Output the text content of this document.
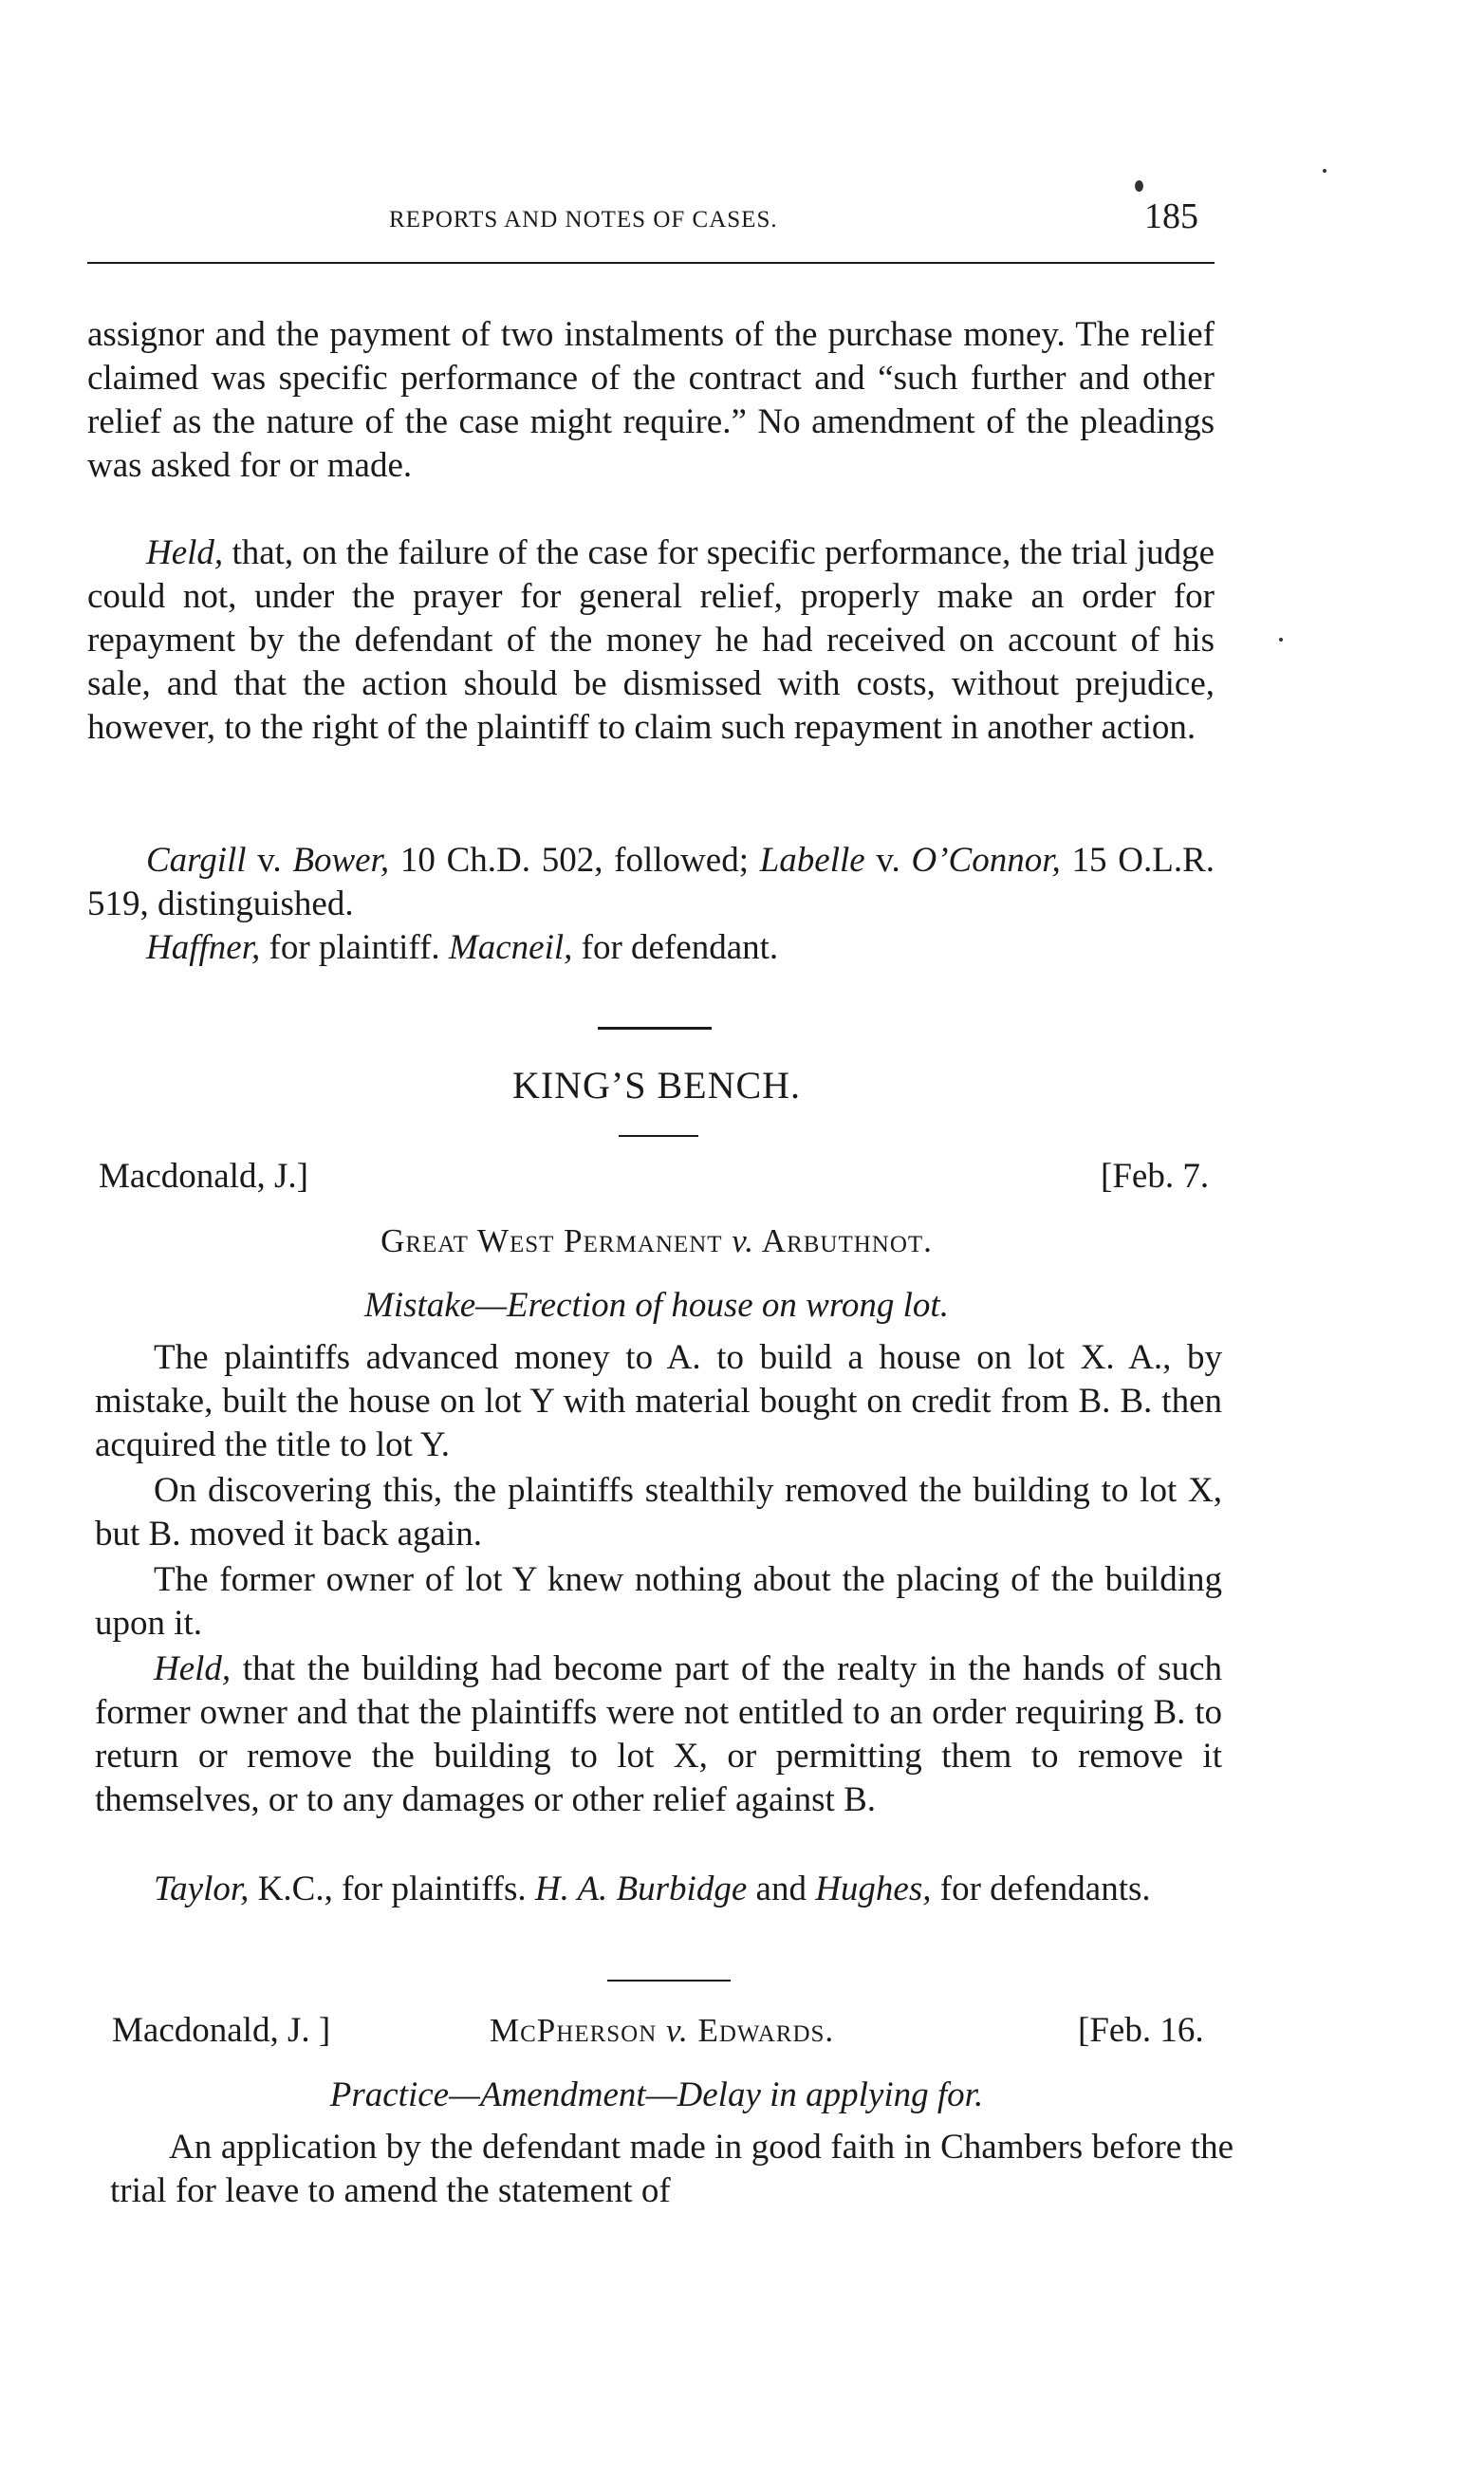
REPORTS AND NOTES OF CASES.	185

assignor and the payment of two instalments of the purchase money. The relief claimed was specific performance of the contract and “such further and other relief as the nature of the case might require.” No amendment of the pleadings was asked for or made.

Held, that, on the failure of the case for specific performance, the trial judge could not, under the prayer for general relief, properly make an order for repayment by the defendant of the money he had received on account of his sale, and that the action should be dismissed with costs, without prejudice, however, to the right of the plaintiff to claim such repayment in another action.

Cargill v. Bower, 10 Ch.D. 502, followed; Labelle v. O’Connor, 15 O.L.R. 519, distinguished.

Haffner, for plaintiff. Macneil, for defendant.

KING’S BENCH.

Macdonald, J.]	[Feb. 7.

Great West Permanent v. Arbuthnot.

Mistake—Erection of house on wrong lot.

The plaintiffs advanced money to A. to build a house on lot X. A., by mistake, built the house on lot Y with material bought on credit from B. B. then acquired the title to lot Y.

On discovering this, the plaintiffs stealthily removed the building to lot X, but B. moved it back again.

The former owner of lot Y knew nothing about the placing of the building upon it.

Held, that the building had become part of the realty in the hands of such former owner and that the plaintiffs were not entitled to an order requiring B. to return or remove the building to lot X, or permitting them to remove it themselves, or to any damages or other relief against B.

Taylor, K.C., for plaintiffs. H. A. Burbidge and Hughes, for defendants.

Macdonald, J. ]	McPherson v. Edwards.	[Feb. 16.

Practice—Amendment—Delay in applying for.

An application by the defendant made in good faith in Chambers before the trial for leave to amend the statement of
